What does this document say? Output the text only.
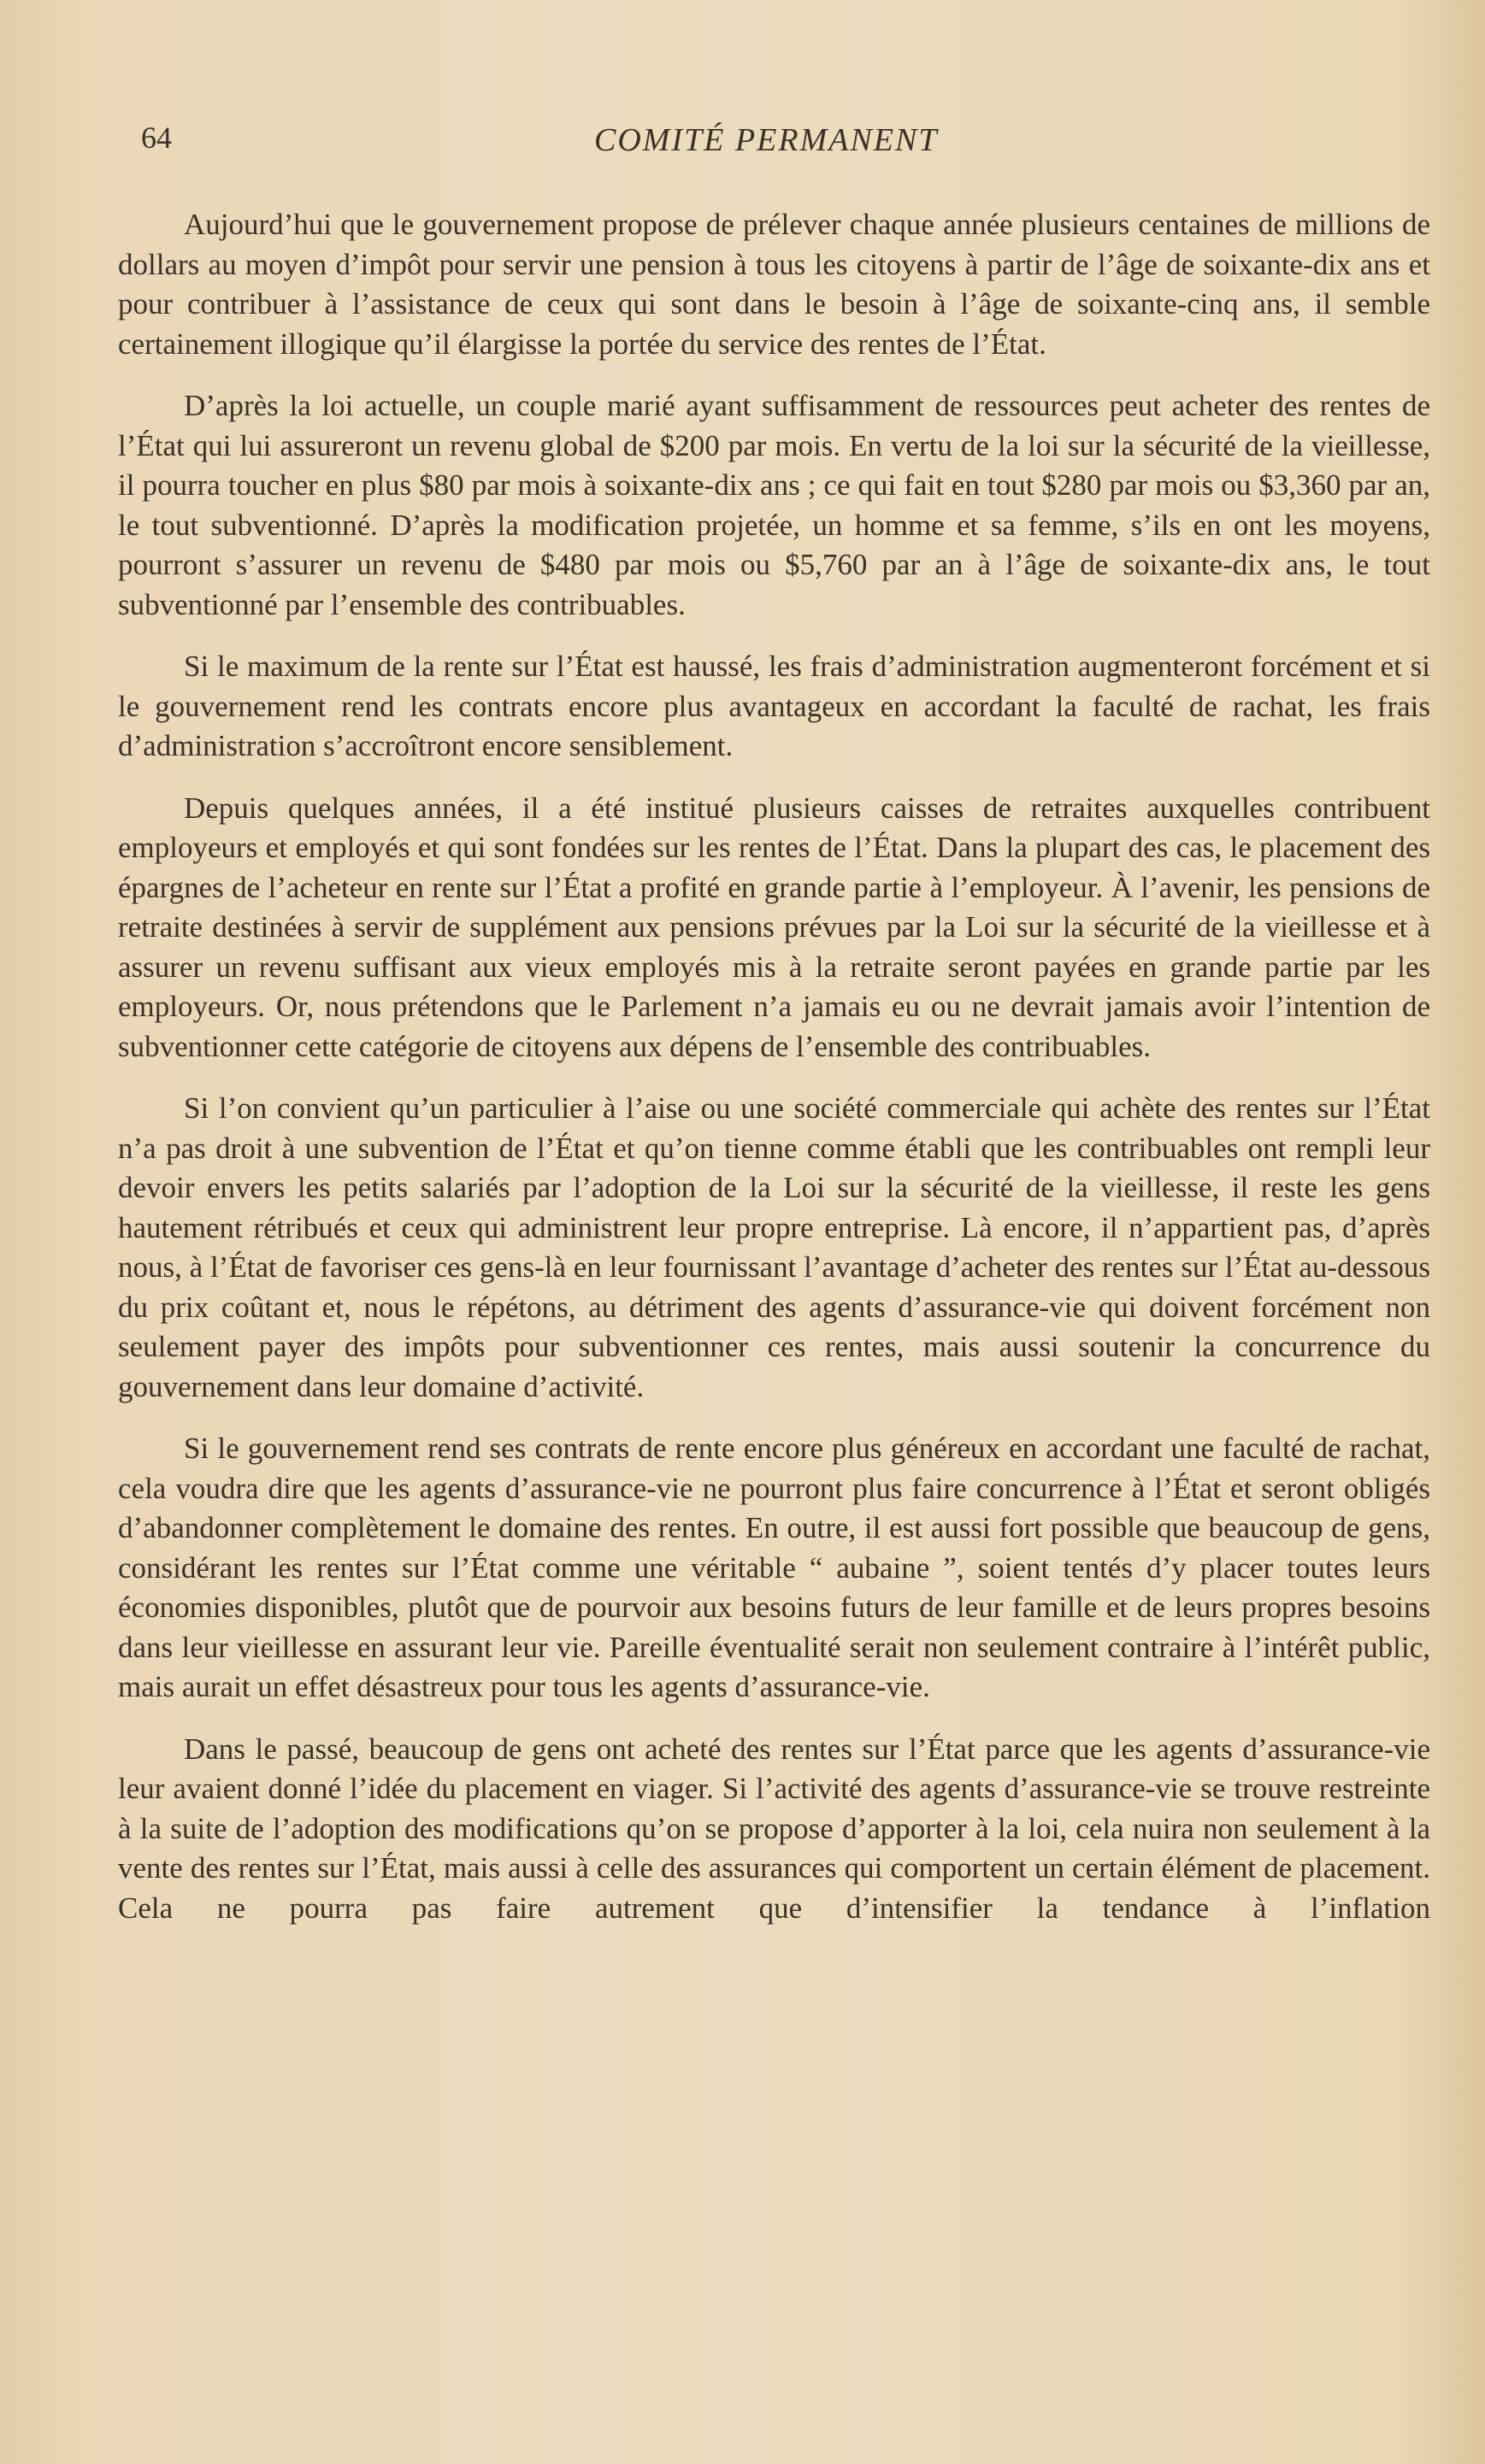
64	COMITÉ PERMANENT

Aujourd’hui que le gouvernement propose de prélever chaque année plusieurs centaines de millions de dollars au moyen d’impôt pour servir une pension à tous les citoyens à partir de l’âge de soixante-dix ans et pour contribuer à l’assistance de ceux qui sont dans le besoin à l’âge de soixante-cinq ans, il semble certainement illogique qu’il élargisse la portée du service des rentes de l’État.

D’après la loi actuelle, un couple marié ayant suffisamment de ressources peut acheter des rentes de l’État qui lui assureront un revenu global de $200 par mois. En vertu de la loi sur la sécurité de la vieillesse, il pourra toucher en plus $80 par mois à soixante-dix ans ; ce qui fait en tout $280 par mois ou $3,360 par an, le tout subventionné. D’après la modification projetée, un homme et sa femme, s’ils en ont les moyens, pourront s’assurer un revenu de $480 par mois ou $5,760 par an à l’âge de soixante-dix ans, le tout subventionné par l’ensemble des contribuables.

Si le maximum de la rente sur l’État est haussé, les frais d’administration augmenteront forcément et si le gouvernement rend les contrats encore plus avantageux en accordant la faculté de rachat, les frais d’administration s’accroîtront encore sensiblement.

Depuis quelques années, il a été institué plusieurs caisses de retraites auxquelles contribuent employeurs et employés et qui sont fondées sur les rentes de l’État. Dans la plupart des cas, le placement des épargnes de l’acheteur en rente sur l’État a profité en grande partie à l’employeur. À l’avenir, les pensions de retraite destinées à servir de supplément aux pensions prévues par la Loi sur la sécurité de la vieillesse et à assurer un revenu suffisant aux vieux employés mis à la retraite seront payées en grande partie par les employeurs. Or, nous prétendons que le Parlement n’a jamais eu ou ne devrait jamais avoir l’intention de subventionner cette catégorie de citoyens aux dépens de l’ensemble des contribuables.

Si l’on convient qu’un particulier à l’aise ou une société commerciale qui achète des rentes sur l’État n’a pas droit à une subvention de l’État et qu’on tienne comme établi que les contribuables ont rempli leur devoir envers les petits salariés par l’adoption de la Loi sur la sécurité de la vieillesse, il reste les gens hautement rétribués et ceux qui administrent leur propre entreprise. Là encore, il n’appartient pas, d’après nous, à l’État de favoriser ces gens-là en leur fournissant l’avantage d’acheter des rentes sur l’État au-dessous du prix coûtant et, nous le répétons, au détriment des agents d’assurance-vie qui doivent forcément non seulement payer des impôts pour subventionner ces rentes, mais aussi soutenir la concurrence du gouvernement dans leur domaine d’activité.

Si le gouvernement rend ses contrats de rente encore plus généreux en accordant une faculté de rachat, cela voudra dire que les agents d’assurance-vie ne pourront plus faire concurrence à l’État et seront obligés d’abandonner complètement le domaine des rentes. En outre, il est aussi fort possible que beaucoup de gens, considérant les rentes sur l’État comme une véritable “ aubaine ”, soient tentés d’y placer toutes leurs économies disponibles, plutôt que de pourvoir aux besoins futurs de leur famille et de leurs propres besoins dans leur vieillesse en assurant leur vie. Pareille éventualité serait non seulement contraire à l’intérêt public, mais aurait un effet désastreux pour tous les agents d’assurance-vie.

Dans le passé, beaucoup de gens ont acheté des rentes sur l’État parce que les agents d’assurance-vie leur avaient donné l’idée du placement en viager. Si l’activité des agents d’assurance-vie se trouve restreinte à la suite de l’adoption des modifications qu’on se propose d’apporter à la loi, cela nuira non seulement à la vente des rentes sur l’État, mais aussi à celle des assurances qui comportent un certain élément de placement. Cela ne pourra pas faire autrement que d’intensifier la tendance à l’inflation
